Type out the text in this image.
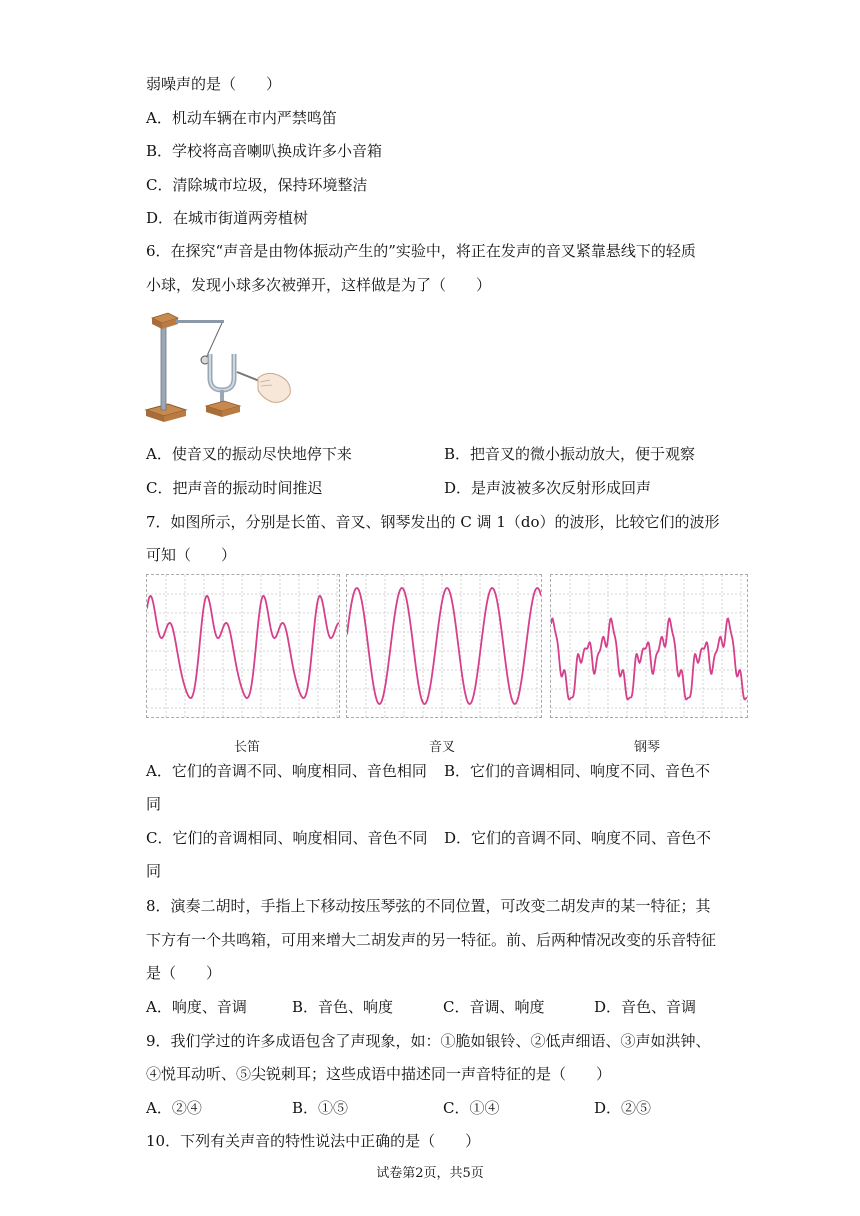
弱噪声的是（　　）
A．机动车辆在市内严禁鸣笛
B．学校将高音喇叭换成许多小音箱
C．清除城市垃圾，保持环境整洁
D．在城市街道两旁植树
6．在探究“声音是由物体振动产生的”实验中，将正在发声的音叉紧靠悬线下的轻质
小球，发现小球多次被弹开，这样做是为了（　　）
A．使音叉的振动尽快地停下来	B．把音叉的微小振动放大，便于观察
C．把声音的振动时间推迟	D．是声波被多次反射形成回声
7．如图所示，分别是长笛、音叉、钢琴发出的 C 调 1（do）的波形，比较它们的波形
可知（　　）
长笛	音叉	钢琴
A．它们的音调不同、响度相同、音色相同 B．它们的音调相同、响度不同、音色不
同
C．它们的音调相同、响度相同、音色不同 D．它们的音调不同、响度不同、音色不
同
8．演奏二胡时，手指上下移动按压琴弦的不同位置，可改变二胡发声的某一特征；其
下方有一个共鸣箱，可用来增大二胡发声的另一特征。前、后两种情况改变的乐音特征
是（　　）
A．响度、音调	B．音色、响度	C．音调、响度	D．音色、音调
9．我们学过的许多成语包含了声现象，如：①脆如银铃、②低声细语、③声如洪钟、
④悦耳动听、⑤尖锐刺耳；这些成语中描述同一声音特征的是（　　）
A．②④	B．①⑤	C．①④	D．②⑤
10．下列有关声音的特性说法中正确的是（　　）
试卷第2页，共5页
